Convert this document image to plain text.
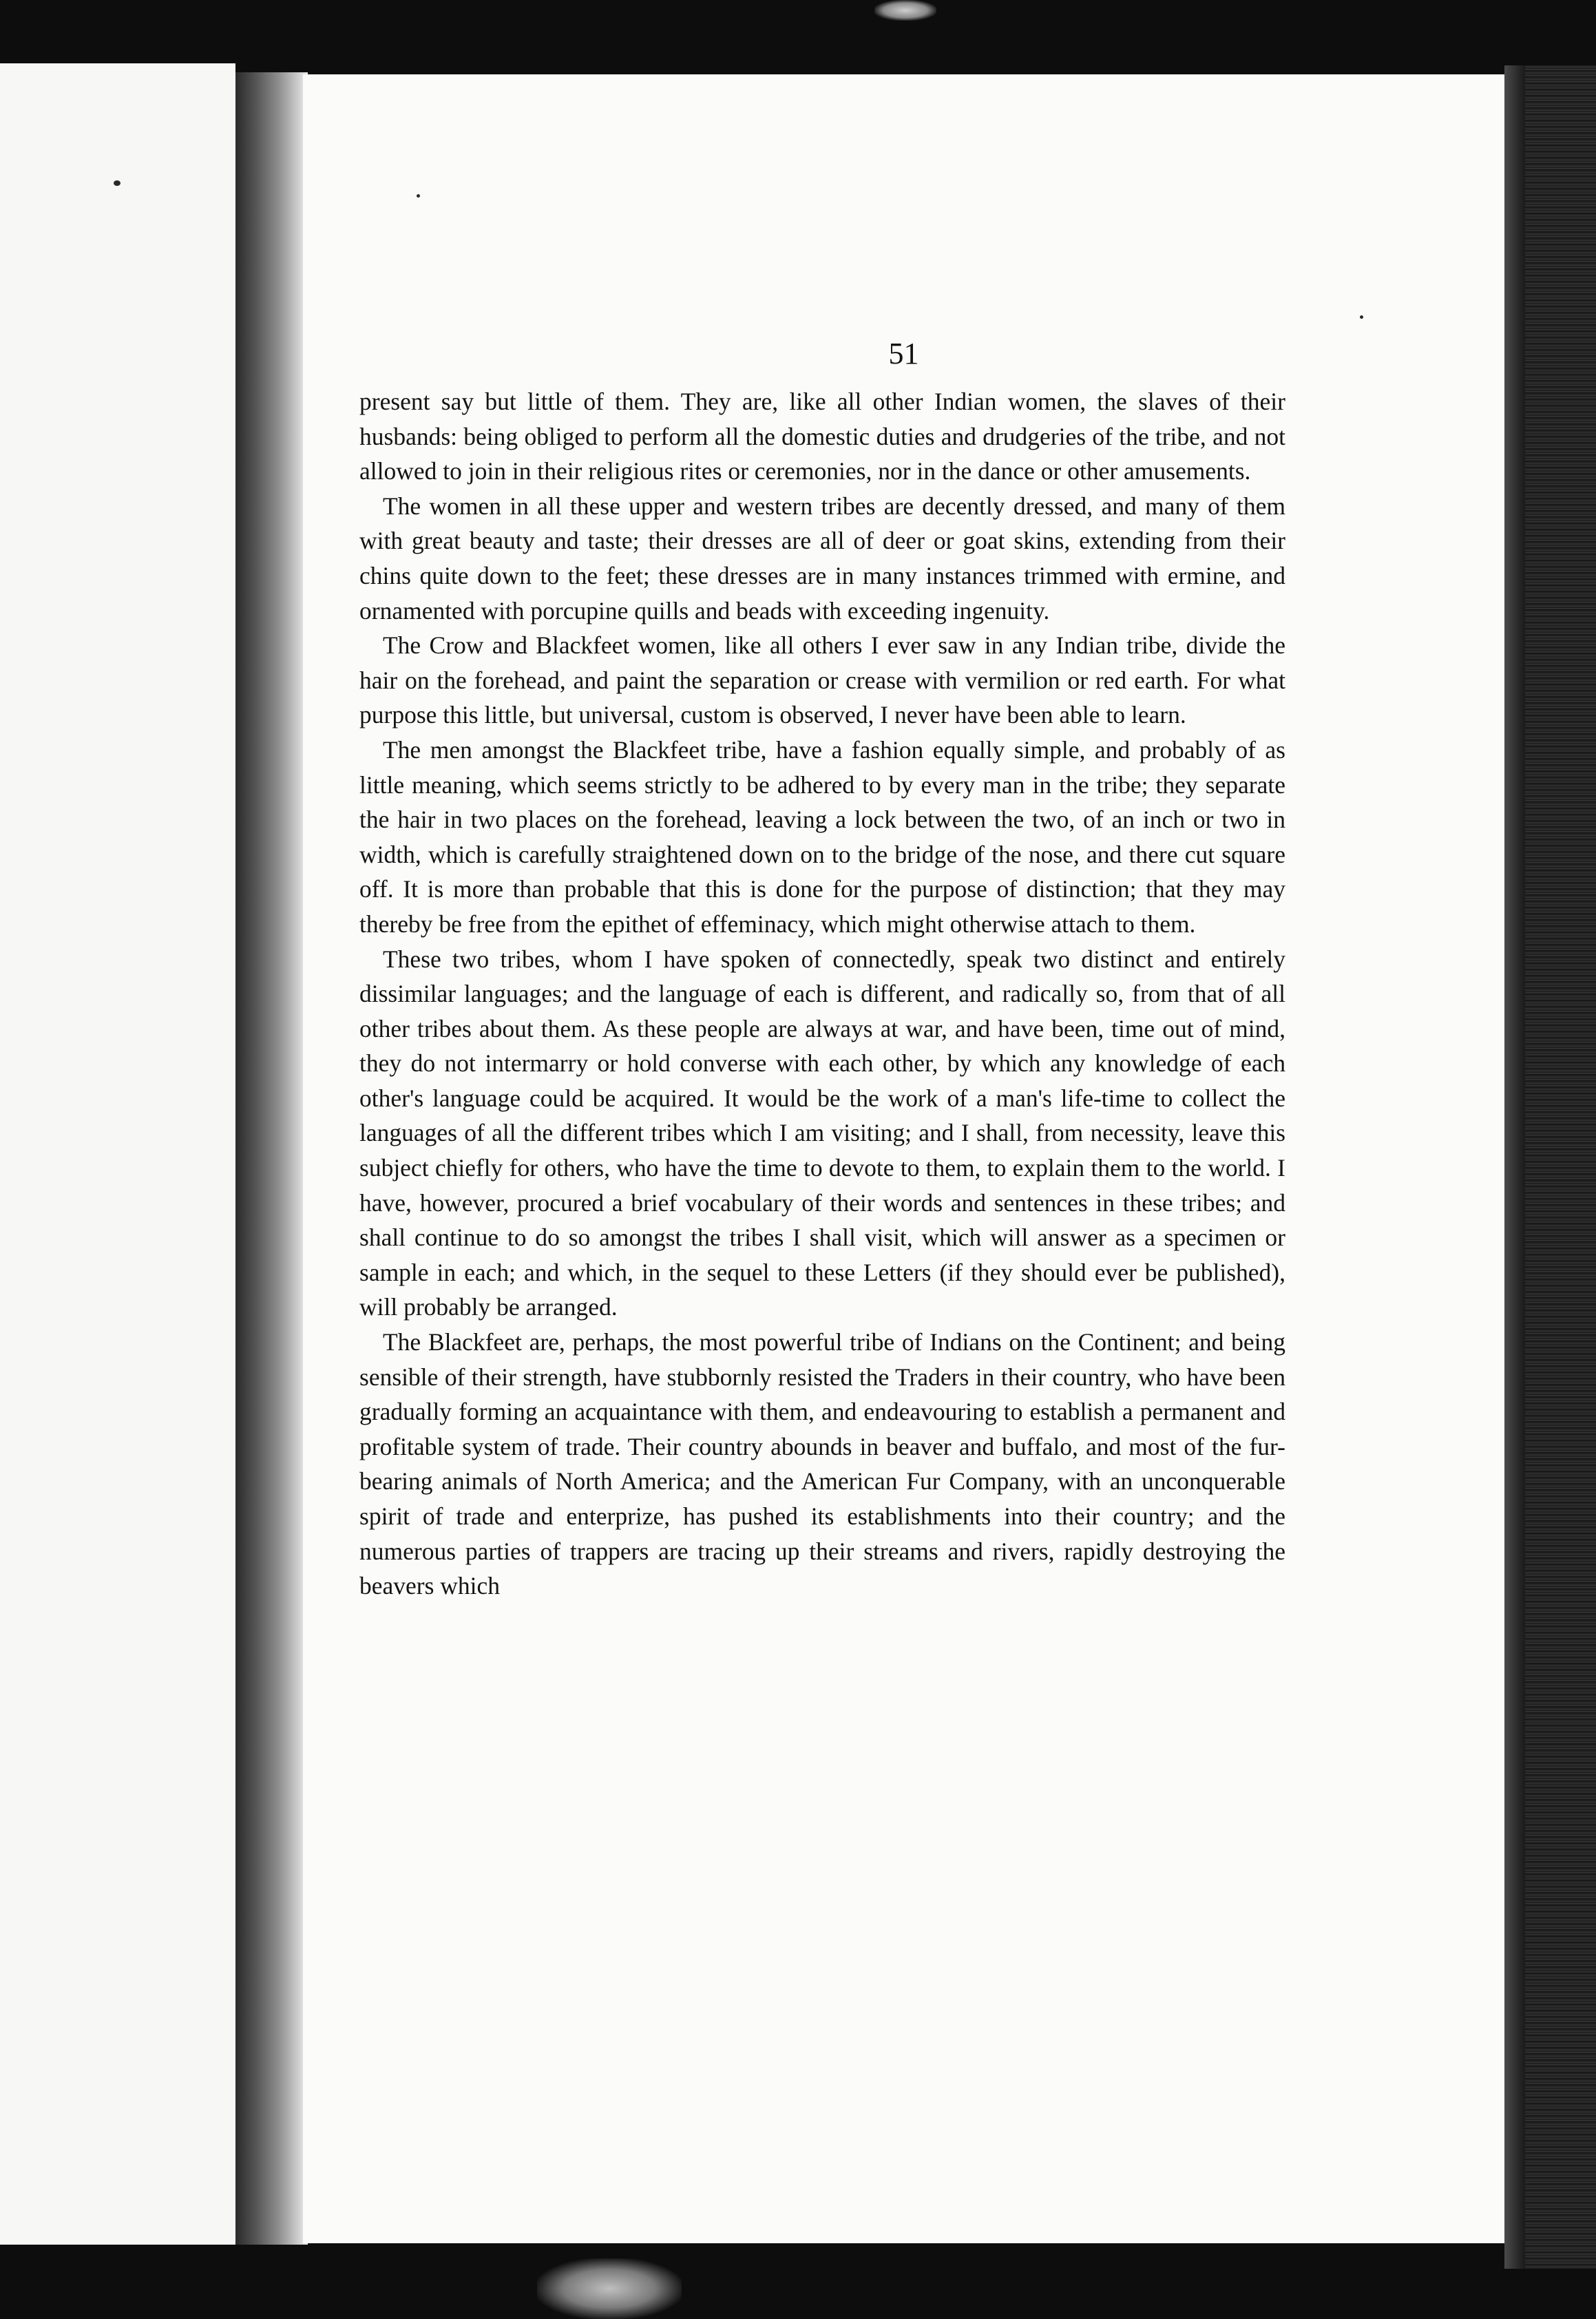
51

present say but little of them. They are, like all other Indian women, the slaves of their husbands: being obliged to perform all the domestic duties and drudgeries of the tribe, and not allowed to join in their religious rites or ceremonies, nor in the dance or other amusements.

The women in all these upper and western tribes are decently dressed, and many of them with great beauty and taste; their dresses are all of deer or goat skins, extending from their chins quite down to the feet; these dresses are in many instances trimmed with ermine, and ornamented with porcupine quills and beads with exceeding ingenuity.

The Crow and Blackfeet women, like all others I ever saw in any Indian tribe, divide the hair on the forehead, and paint the separation or crease with vermilion or red earth. For what purpose this little, but universal, custom is observed, I never have been able to learn.

The men amongst the Blackfeet tribe, have a fashion equally simple, and probably of as little meaning, which seems strictly to be adhered to by every man in the tribe; they separate the hair in two places on the forehead, leaving a lock between the two, of an inch or two in width, which is carefully straightened down on to the bridge of the nose, and there cut square off. It is more than probable that this is done for the purpose of distinction; that they may thereby be free from the epithet of effeminacy, which might otherwise attach to them.

These two tribes, whom I have spoken of connectedly, speak two distinct and entirely dissimilar languages; and the language of each is different, and radically so, from that of all other tribes about them. As these people are always at war, and have been, time out of mind, they do not intermarry or hold converse with each other, by which any knowledge of each other's language could be acquired. It would be the work of a man's life-time to collect the languages of all the different tribes which I am visiting; and I shall, from necessity, leave this subject chiefly for others, who have the time to devote to them, to explain them to the world. I have, however, procured a brief vocabulary of their words and sentences in these tribes; and shall continue to do so amongst the tribes I shall visit, which will answer as a specimen or sample in each; and which, in the sequel to these Letters (if they should ever be published), will probably be arranged.

The Blackfeet are, perhaps, the most powerful tribe of Indians on the Continent; and being sensible of their strength, have stubbornly resisted the Traders in their country, who have been gradually forming an acquaintance with them, and endeavouring to establish a permanent and profitable system of trade. Their country abounds in beaver and buffalo, and most of the fur-bearing animals of North America; and the American Fur Company, with an unconquerable spirit of trade and enterprize, has pushed its establishments into their country; and the numerous parties of trappers are tracing up their streams and rivers, rapidly destroying the beavers which
